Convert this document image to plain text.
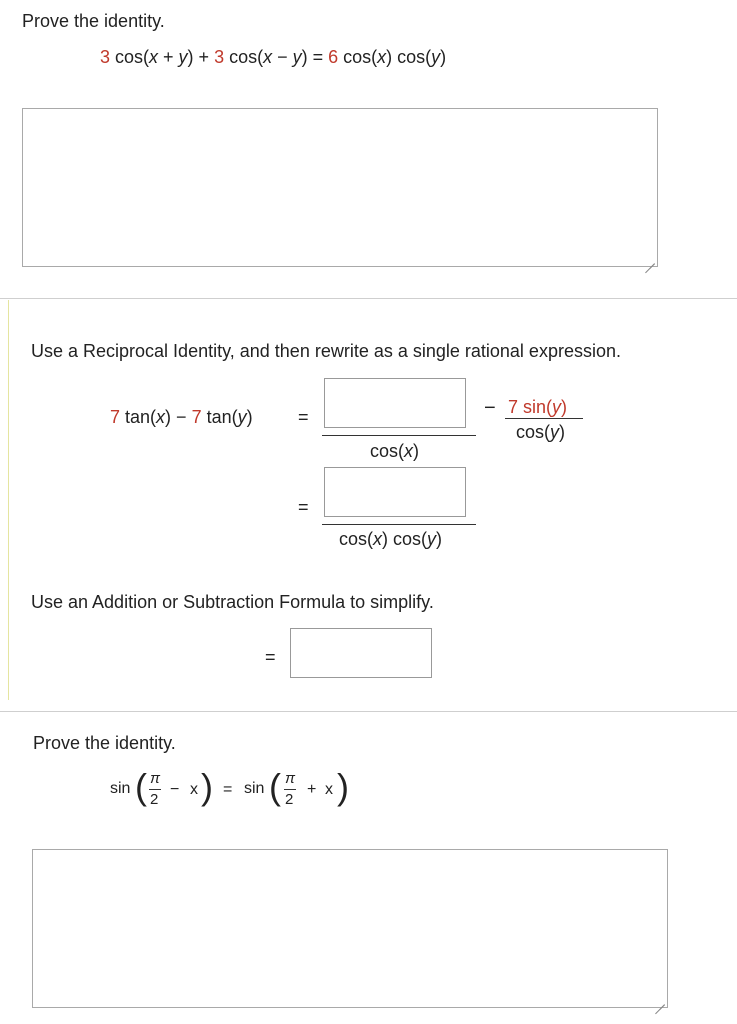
Prove the identity.
3 cos(x + y) + 3 cos(x − y) = 6 cos(x) cos(y)
Use a Reciprocal Identity, and then rewrite as a single rational expression.
7 tan(x) − 7 tan(y)	=
cos(x)
− 7 sin(y)
cos(y)
=
cos(x) cos(y)
Use an Addition or Subtraction Formula to simplify.
=
Prove the identity.
sin ( π
2
− x ) = sin ( π
2
+ x )
